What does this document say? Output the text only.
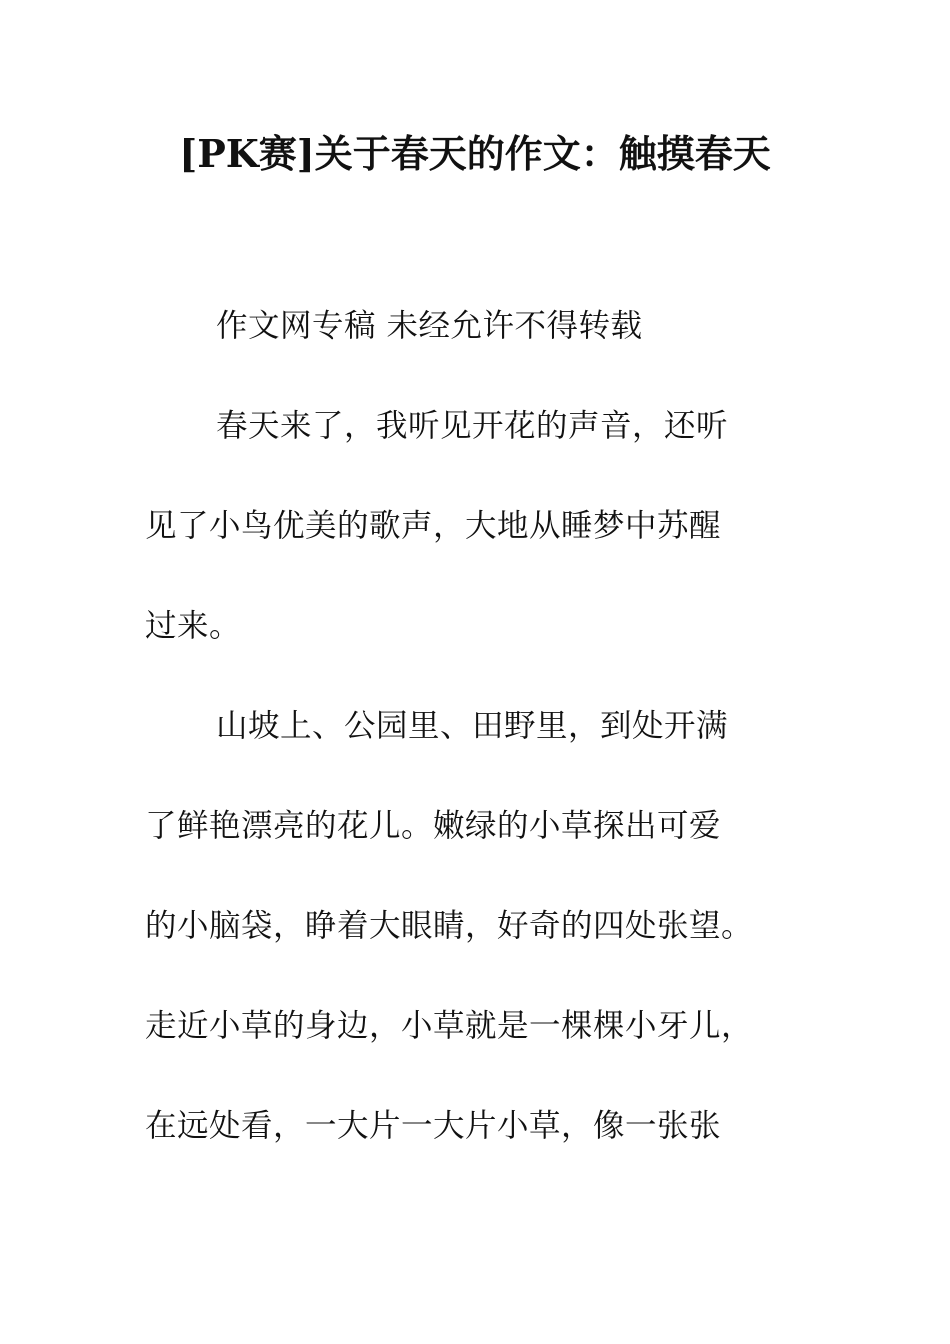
[PK赛]关于春天的作文：触摸春天
作文网专稿 未经允许不得转载
春天来了，我听见开花的声音，还听
见了小鸟优美的歌声，大地从睡梦中苏醒
过来。
山坡上、公园里、田野里，到处开满
了鲜艳漂亮的花儿。嫩绿的小草探出可爱
的小脑袋，睁着大眼睛，好奇的四处张望。
走近小草的身边，小草就是一棵棵小牙儿，
在远处看，一大片一大片小草，像一张张
